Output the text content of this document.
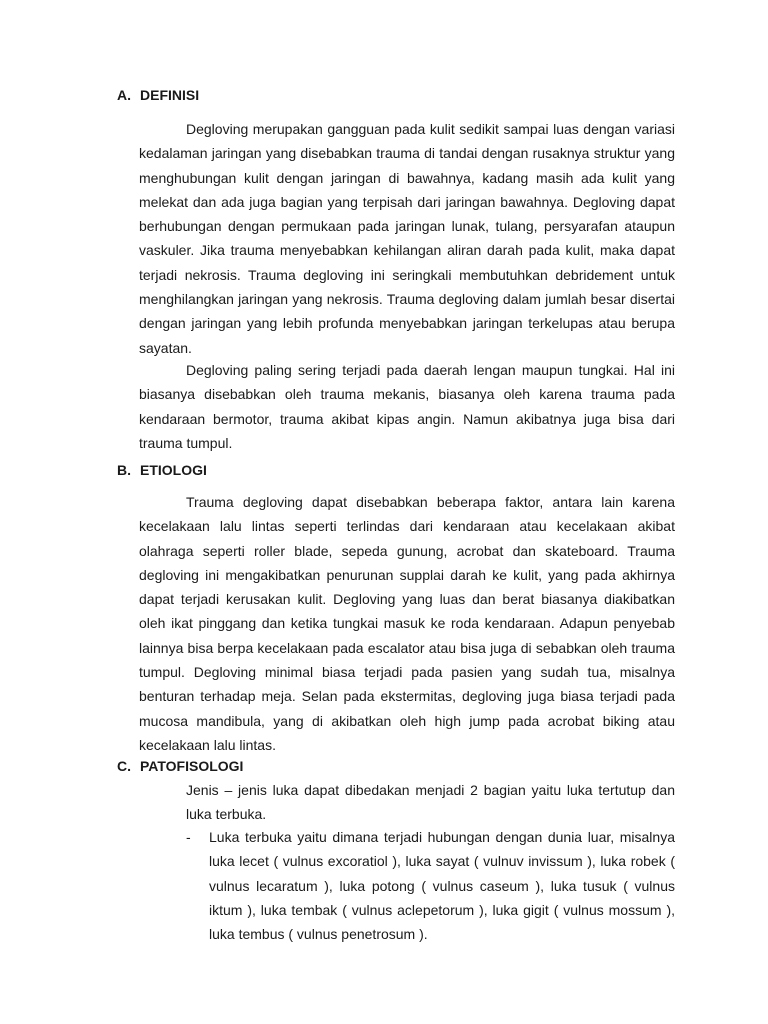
A. DEFINISI

Degloving merupakan gangguan pada kulit sedikit sampai luas dengan variasi kedalaman jaringan yang disebabkan trauma di tandai dengan rusaknya struktur yang menghubungan kulit dengan jaringan di bawahnya, kadang masih ada kulit yang melekat dan ada juga bagian yang terpisah dari jaringan bawahnya. Degloving dapat berhubungan dengan permukaan pada jaringan lunak, tulang, persyarafan ataupun vaskuler. Jika trauma menyebabkan kehilangan aliran darah pada kulit, maka dapat terjadi nekrosis. Trauma degloving ini seringkali membutuhkan debridement untuk menghilangkan jaringan yang nekrosis. Trauma degloving dalam jumlah besar disertai dengan jaringan yang lebih profunda menyebabkan jaringan terkelupas atau berupa sayatan.

Degloving paling sering terjadi pada daerah lengan maupun tungkai. Hal ini biasanya disebabkan oleh trauma mekanis, biasanya oleh karena trauma pada kendaraan bermotor, trauma akibat kipas angin. Namun akibatnya juga bisa dari trauma tumpul.

B. ETIOLOGI

Trauma degloving dapat disebabkan beberapa faktor, antara lain karena kecelakaan lalu lintas seperti terlindas dari kendaraan atau kecelakaan akibat olahraga seperti roller blade, sepeda gunung, acrobat dan skateboard. Trauma degloving ini mengakibatkan penurunan supplai darah ke kulit, yang pada akhirnya dapat terjadi kerusakan kulit. Degloving yang luas dan berat biasanya diakibatkan oleh ikat pinggang dan ketika tungkai masuk ke roda kendaraan. Adapun penyebab lainnya bisa berpa kecelakaan pada escalator atau bisa juga di sebabkan oleh trauma tumpul. Degloving minimal biasa terjadi pada pasien yang sudah tua, misalnya benturan terhadap meja. Selan pada ekstermitas, degloving juga biasa terjadi pada mucosa mandibula, yang di akibatkan oleh high jump pada acrobat biking atau kecelakaan lalu lintas.

C. PATOFISOLOGI

Jenis – jenis luka dapat dibedakan menjadi 2 bagian yaitu luka tertutup dan luka terbuka.

-	Luka terbuka yaitu dimana terjadi hubungan dengan dunia luar, misalnya luka lecet ( vulnus excoratiol ), luka sayat ( vulnuv invissum ), luka robek ( vulnus lecaratum ), luka potong ( vulnus caseum ), luka tusuk ( vulnus iktum ), luka tembak ( vulnus aclepetorum ), luka gigit ( vulnus mossum ), luka tembus ( vulnus penetrosum ).
